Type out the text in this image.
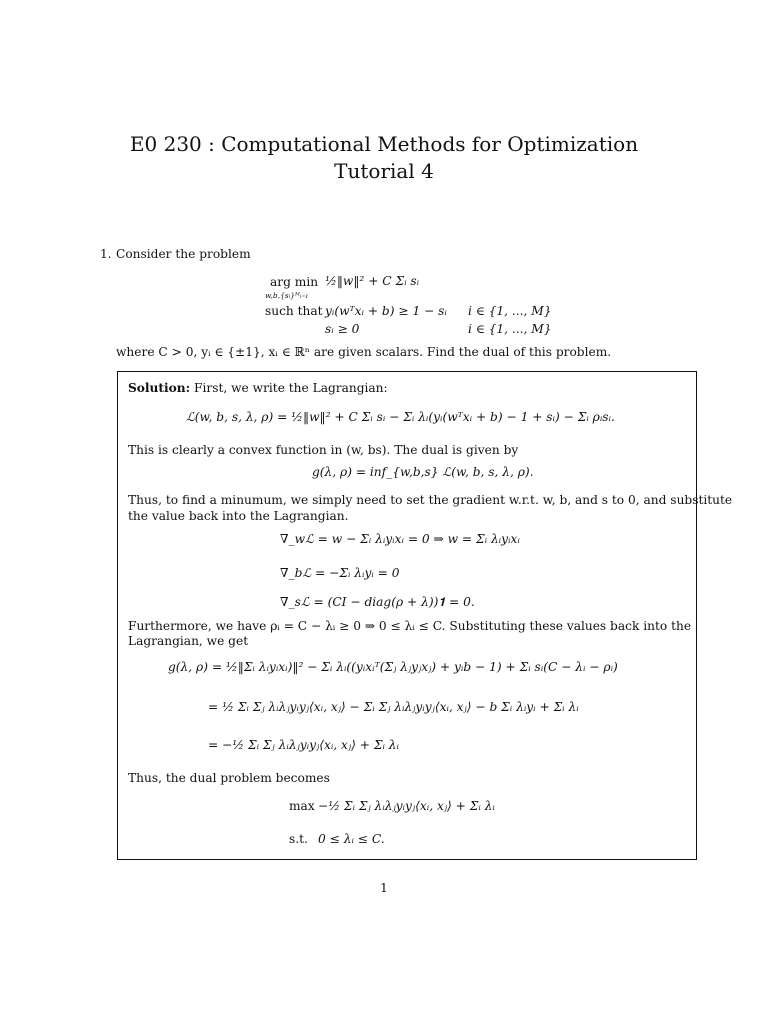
E0 230 : Computational Methods for Optimization
Tutorial 4
1. Consider the problem
arg min
w,b,{sᵢ}ᴹᵢ₌₁
½‖w‖² + C Σᵢ sᵢ
such that yᵢ(wᵀxᵢ + b) ≥ 1 − sᵢ i ∈ {1, ..., M}
sᵢ ≥ 0	i ∈ {1, ..., M}
where C > 0, yᵢ ∈ {±1}, xᵢ ∈ ℝⁿ are given scalars. Find the dual of this problem.
Solution: First, we write the Lagrangian:
ℒ(w, b, s, λ, ρ) = ½‖w‖² + C Σᵢ sᵢ − Σᵢ λᵢ(yᵢ(wᵀxᵢ + b) − 1 + sᵢ) − Σᵢ ρᵢsᵢ.
This is clearly a convex function in (w, bs). The dual is given by
g(λ, ρ) = inf_{w,b,s} ℒ(w, b, s, λ, ρ).
Thus, to find a minumum, we simply need to set the gradient w.r.t. w, b, and s to 0, and substitute
the value back into the Lagrangian.
∇_wℒ = w − Σᵢ λᵢyᵢxᵢ = 0 ⇒ w = Σᵢ λᵢyᵢxᵢ
∇_bℒ = −Σᵢ λᵢyᵢ = 0
∇_sℒ = (CI − diag(ρ + λ))𝟏 = 0.
Furthermore, we have ρᵢ = C − λᵢ ≥ 0 ⇒ 0 ≤ λᵢ ≤ C. Substituting these values back into the
Lagrangian, we get
g(λ, ρ) = ½‖Σᵢ λᵢyᵢxᵢ)‖² − Σᵢ λᵢ((yᵢxᵢᵀ(Σⱼ λⱼyⱼxⱼ) + yᵢb − 1) + Σᵢ sᵢ(C − λᵢ − ρᵢ)
= ½ Σᵢ Σⱼ λᵢλⱼyᵢyⱼ⟨xᵢ, xⱼ⟩ − Σᵢ Σⱼ λᵢλⱼyᵢyⱼ⟨xᵢ, xⱼ⟩ − b Σᵢ λᵢyᵢ + Σᵢ λᵢ
= −½ Σᵢ Σⱼ λᵢλⱼyᵢyⱼ⟨xᵢ, xⱼ⟩ + Σᵢ λᵢ
Thus, the dual problem becomes
max −½ Σᵢ Σⱼ λᵢλⱼyᵢyⱼ⟨xᵢ, xⱼ⟩ + Σᵢ λᵢ
s.t. 0 ≤ λᵢ ≤ C.
1
